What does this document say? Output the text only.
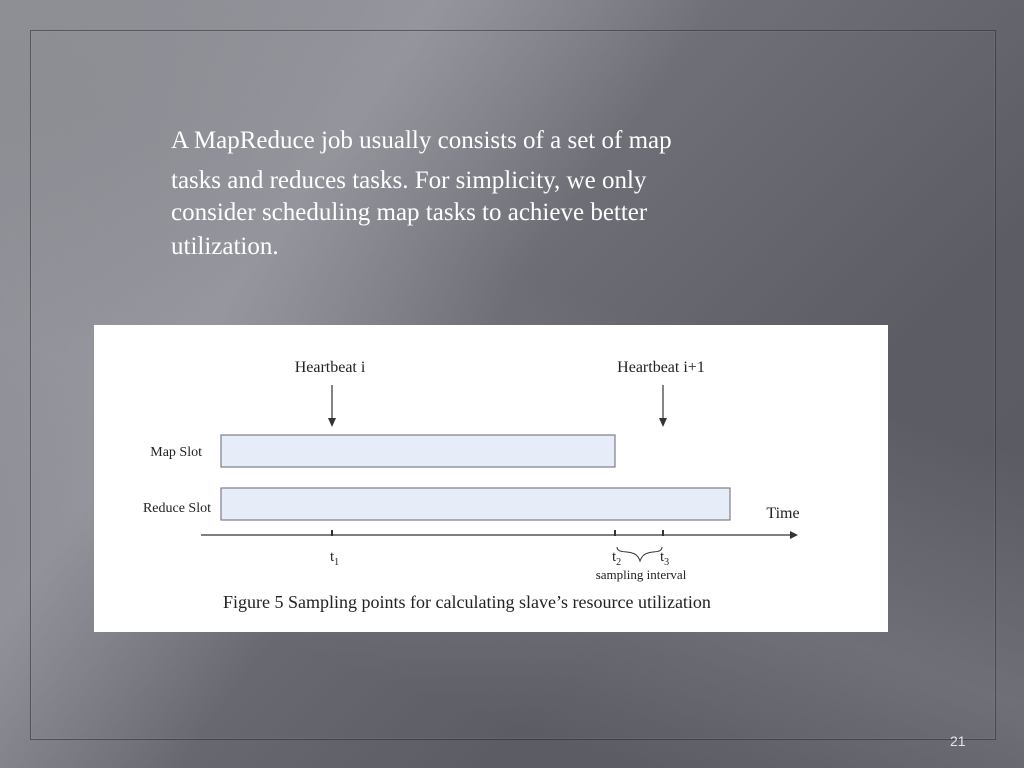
A MapReduce job usually consists of a set of map
tasks and reduces tasks. For simplicity, we only
consider scheduling map tasks to achieve better
utilization.
Heartbeat i	Heartbeat i+1
Map Slot
Reduce Slot	Time
$t_1$	$t_2$	$t_3$
sampling interval
Figure 5 Sampling points for calculating slave’s resource utilization
21
